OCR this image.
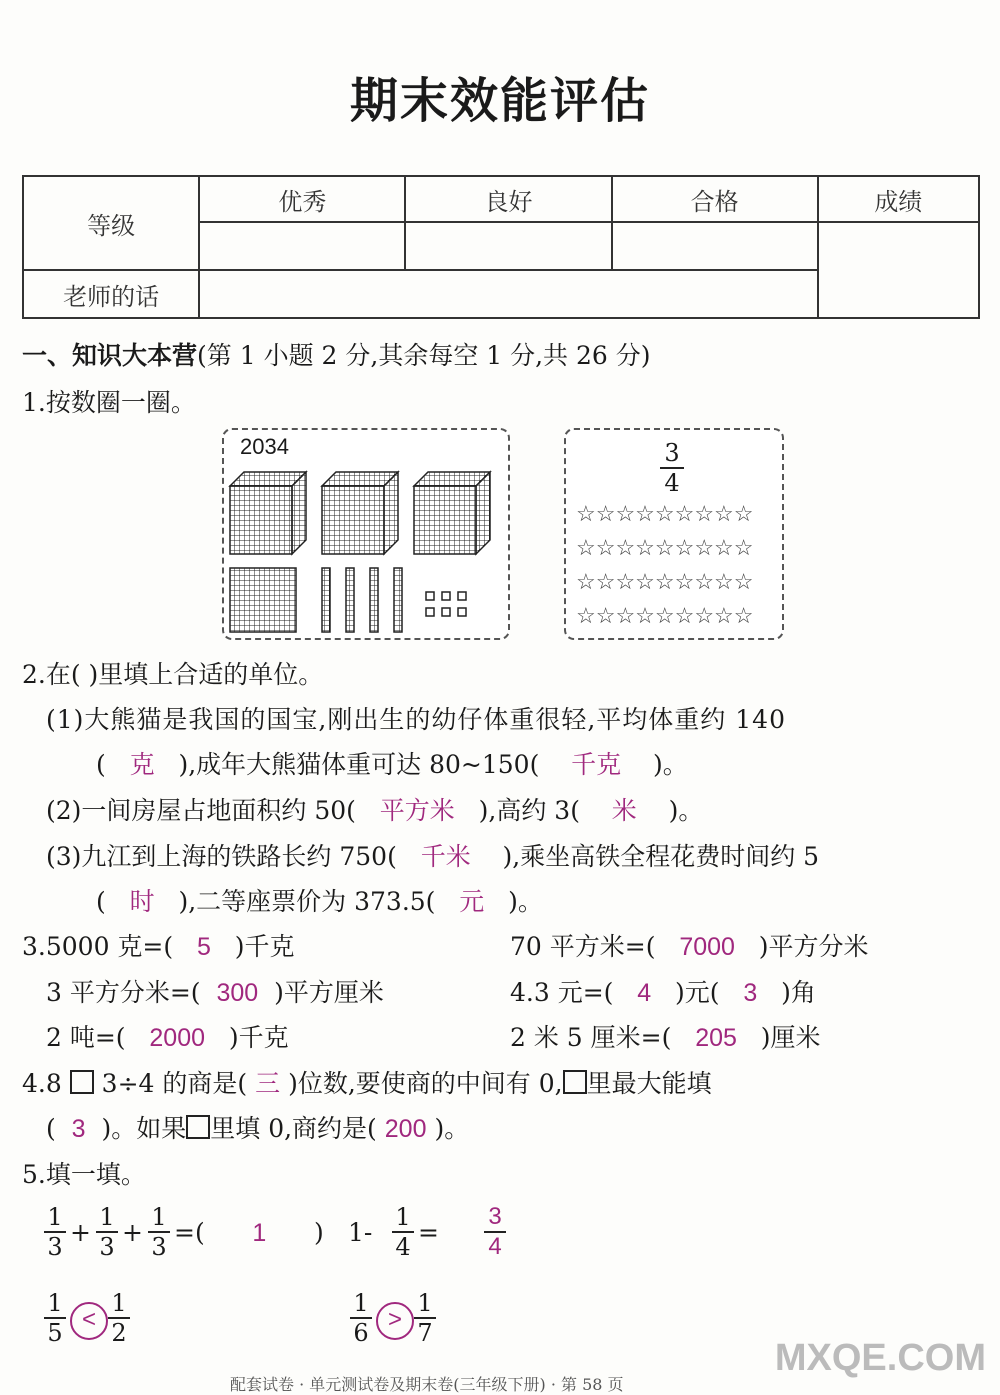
期末效能评估
等级	优秀	良好	合格	成绩

老师的话				
一、知识大本营(第 1 小题 2 分,其余每空 1 分,共 26 分)
1.按数圈一圈。
2034	3
4
☆☆☆☆☆☆☆☆☆
☆☆☆☆☆☆☆☆☆
☆☆☆☆☆☆☆☆☆
☆☆☆☆☆☆☆☆☆
2.在( )里填上合适的单位。
(1)大熊猫是我国的国宝,刚出生的幼仔体重很轻,平均体重约 140
( 克 ),成年大熊猫体重可达 80~150( 千克 )。
(2)一间房屋占地面积约 50( 平方米 ),高约 3( 米 )。
(3)九江到上海的铁路长约 750( 千米 ),乘坐高铁全程花费时间约 5
( 时 ),二等座票价为 373.5( 元 )。
3.5000 克=( 5 )千克	70 平方米=( 7000 )平方分米
3 平方分米=( 300 )平方厘米	4.3 元=( 4 )元( 3 )角
2 吨=( 2000 )千克	2 米 5 厘米=( 205 )厘米
4.8 3÷4 的商是( 三 )位数,要使商的中间有 0, 里最大能填
( 3 )。如果 里填 0,商约是( 200 )。
5.填一填。
1
3 +
1
3 +
1
3 =(      1      ) 1-
1
4 =
3
4
1
5 <
1
2
1
6 >
1
7
配套试卷 · 单元测试卷及期末卷(三年级下册) · 第 58 页
MXQE.COM
